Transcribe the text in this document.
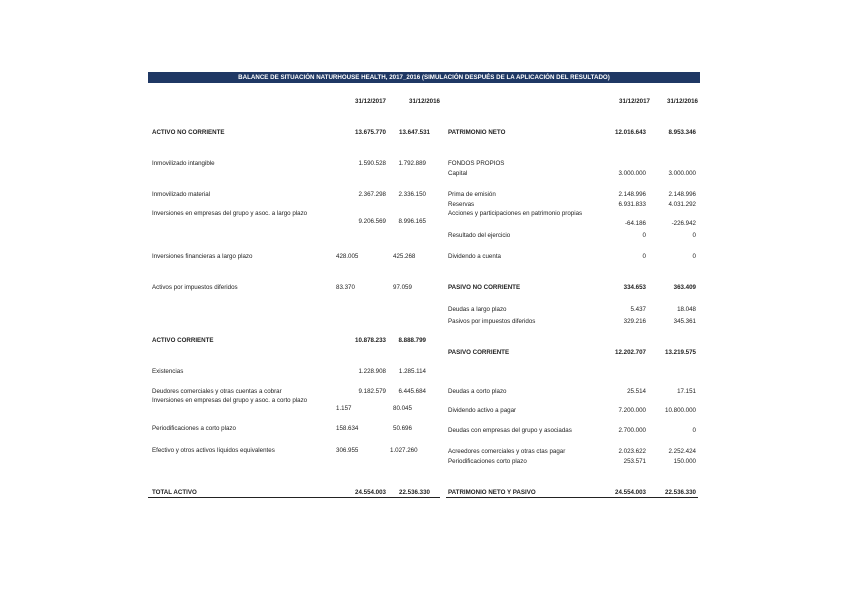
BALANCE DE SITUACIÓN NATURHOUSE HEALTH, 2017_2016 (SIMULACIÓN DESPUÉS DE LA APLICACIÓN DEL RESULTADO)
31/12/2017	31/12/2016	31/12/2017	31/12/2016
ACTIVO NO CORRIENTE	13.675.770	13.647.531
Inmovilizado intangible	1.590.528	1.792.889
Inmovilizado material	2.367.298	2.336.150
Inversiones en empresas del grupo y asoc. a largo plazo
9.206.569	8.996.165
Inversiones financieras a largo plazo	428.005	425.268
Activos por impuestos diferidos	83.370	97.059
ACTIVO CORRIENTE	10.878.233	8.888.799
Existencias	1.228.908	1.285.114
Deudores comerciales y otras cuentas a cobrar	9.182.579	6.445.684
Inversiones en empresas del grupo y asoc. a corto plazo
1.157	80.045
Periodificaciones a corto plazo	158.634	50.696
Efectivo y otros activos líquidos equivalentes	306.955	1.027.260
TOTAL ACTIVO	24.554.003	22.536.330
PATRIMONIO NETO	12.016.643	8.953.346
FONDOS PROPIOS
Capital	3.000.000	3.000.000
Prima de emisión	2.148.996	2.148.996
Reservas	6.931.833	4.031.292
Acciones y participaciones en patrimonio propias
-64.186	-226.942
Resultado del ejercicio	0	0
Dividendo a cuenta	0	0
PASIVO NO CORRIENTE	334.653	363.409
Deudas a largo plazo	5.437	18.048
Pasivos por impuestos diferidos	329.216	345.361
PASIVO CORRIENTE	12.202.707	13.219.575
Deudas a corto plazo	25.514	17.151
Dividendo activo a pagar	7.200.000	10.800.000
Deudas con empresas del grupo y asociadas	2.700.000	0
Acreedores comerciales y otras ctas pagar	2.023.622	2.252.424
Periodificaciones corto plazo	253.571	150.000
PATRIMONIO NETO Y PASIVO	24.554.003	22.536.330
